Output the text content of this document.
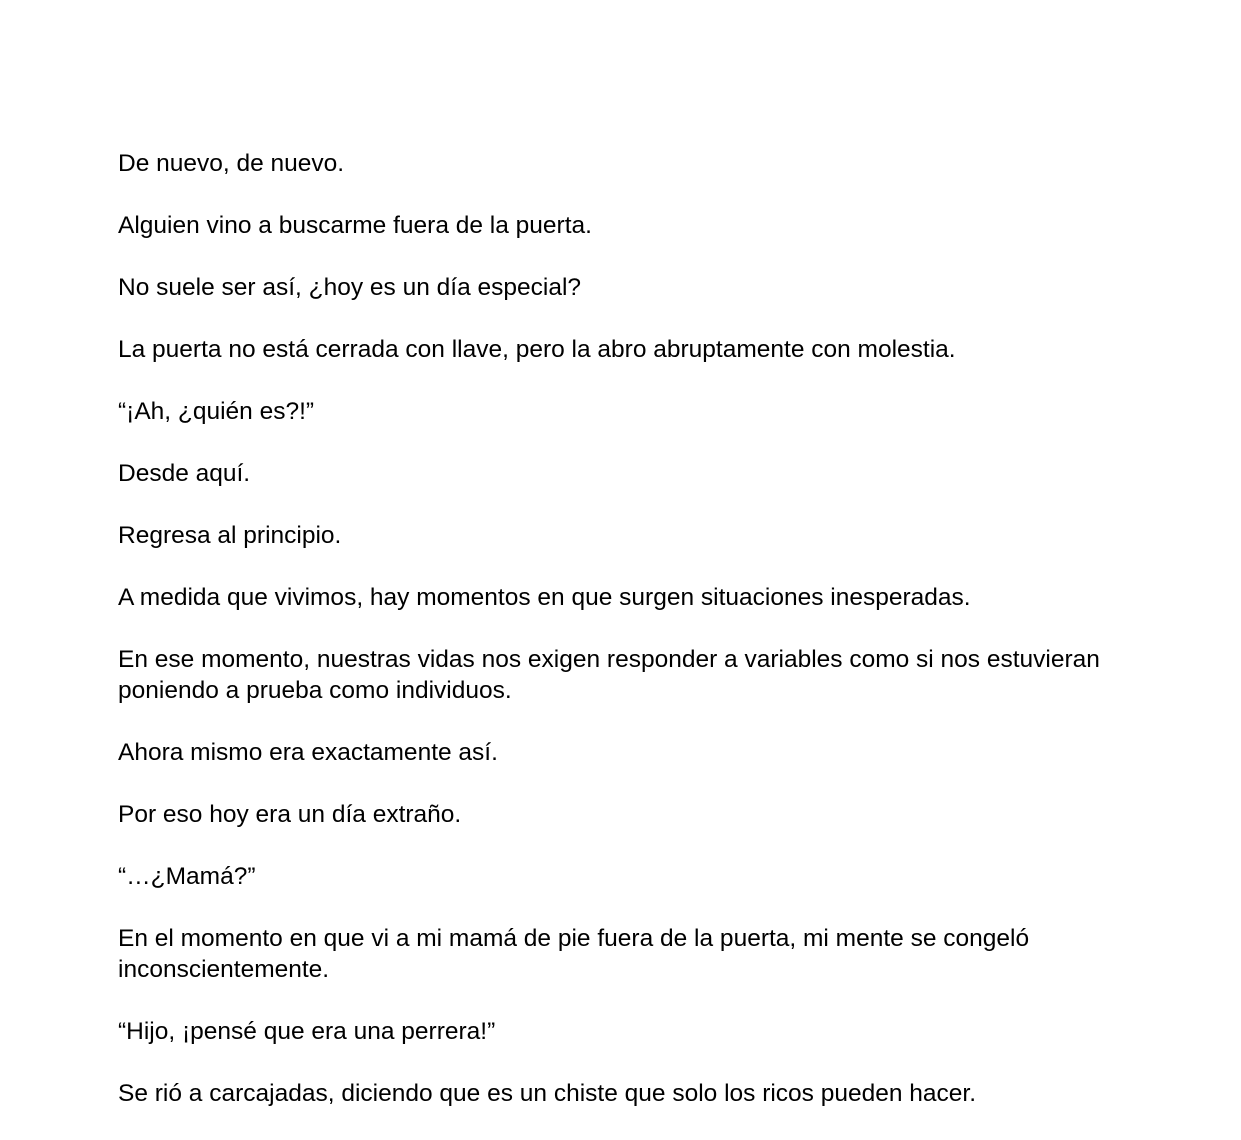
De nuevo, de nuevo.

Alguien vino a buscarme fuera de la puerta.

No suele ser así, ¿hoy es un día especial?

La puerta no está cerrada con llave, pero la abro abruptamente con molestia.

“¡Ah, ¿quién es?!”

Desde aquí.

Regresa al principio.

A medida que vivimos, hay momentos en que surgen situaciones inesperadas.

En ese momento, nuestras vidas nos exigen responder a variables como si nos estuvieran poniendo a prueba como individuos.

Ahora mismo era exactamente así.

Por eso hoy era un día extraño.

“…¿Mamá?”

En el momento en que vi a mi mamá de pie fuera de la puerta, mi mente se congeló inconscientemente.

“Hijo, ¡pensé que era una perrera!”

Se rió a carcajadas, diciendo que es un chiste que solo los ricos pueden hacer.
